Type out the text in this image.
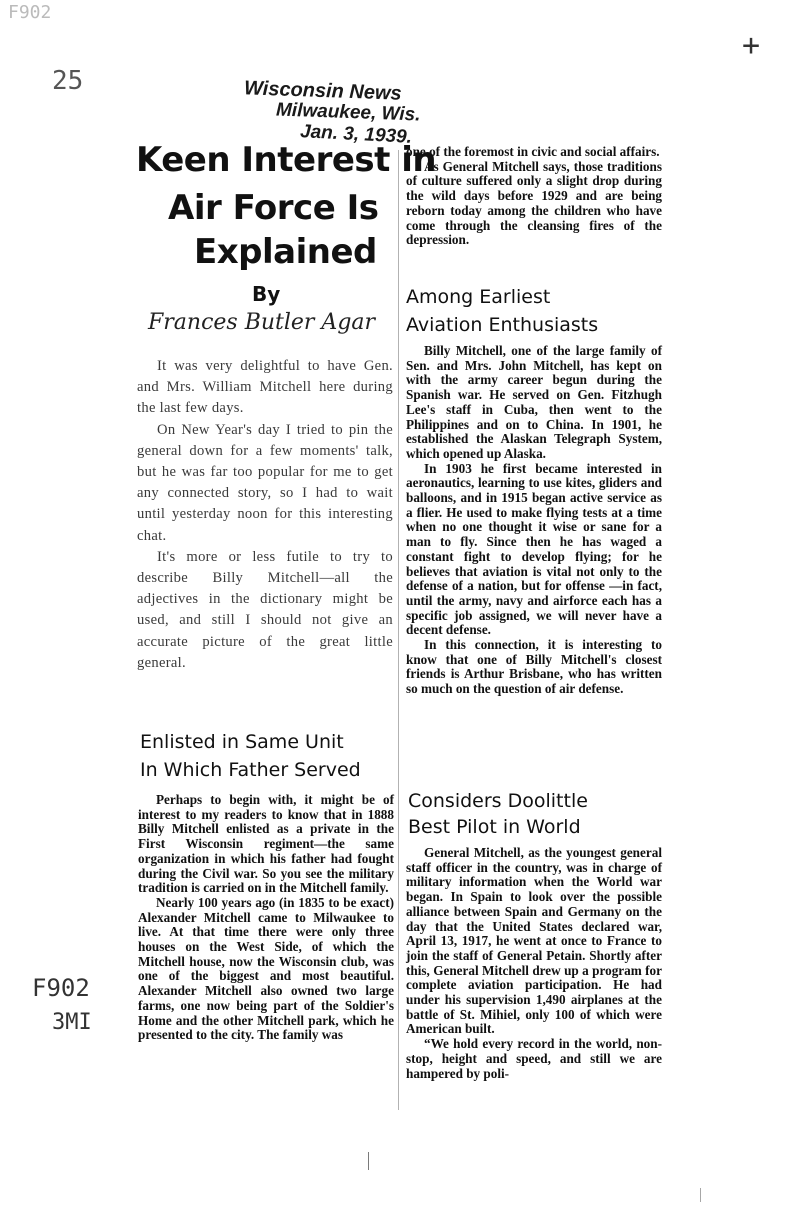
F902
25
+
F902
3MI
Wisconsin News
Milwaukee, Wis.
Jan. 3, 1939.
Keen Interest in
Air Force Is
Explained
By
Frances Butler Agar

It was very delightful to have Gen. and Mrs. William Mitchell here during the last few days.

On New Year's day I tried to pin the general down for a few moments' talk, but he was far too popular for me to get any connected story, so I had to wait until yesterday noon for this interesting chat.

It's more or less futile to try to describe Billy Mitchell—all the adjectives in the dictionary might be used, and still I should not give an accurate picture of the great little general.

Enlisted in Same Unit
In Which Father Served

Perhaps to begin with, it might be of interest to my readers to know that in 1888 Billy Mitchell enlisted as a private in the First Wisconsin regiment—the same organization in which his father had fought during the Civil war. So you see the military tradition is carried on in the Mitchell family.

Nearly 100 years ago (in 1835 to be exact) Alexander Mitchell came to Milwaukee to live. At that time there were only three houses on the West Side, of which the Mitchell house, now the Wisconsin club, was one of the biggest and most beautiful. Alexander Mitchell also owned two large farms, one now being part of the Soldier's Home and the other Mitchell park, which he presented to the city. The family was

one of the foremost in civic and social affairs.

As General Mitchell says, those traditions of culture suffered only a slight drop during the wild days before 1929 and are being reborn today among the children who have come through the cleansing fires of the depression.

Among Earliest
Aviation Enthusiasts

Billy Mitchell, one of the large family of Sen. and Mrs. John Mitchell, has kept on with the army career begun during the Spanish war. He served on Gen. Fitzhugh Lee's staff in Cuba, then went to the Philippines and on to China. In 1901, he established the Alaskan Telegraph System, which opened up Alaska.

In 1903 he first became interested in aeronautics, learning to use kites, gliders and balloons, and in 1915 began active service as a flier. He used to make flying tests at a time when no one thought it wise or sane for a man to fly. Since then he has waged a constant fight to develop flying; for he believes that aviation is vital not only to the defense of a nation, but for offense —in fact, until the army, navy and airforce each has a specific job assigned, we will never have a decent defense.

In this connection, it is interesting to know that one of Billy Mitchell's closest friends is Arthur Brisbane, who has written so much on the question of air defense.

Considers Doolittle
Best Pilot in World

General Mitchell, as the youngest general staff officer in the country, was in charge of military information when the World war began. In Spain to look over the possible alliance between Spain and Germany on the day that the United States declared war, April 13, 1917, he went at once to France to join the staff of General Petain. Shortly after this, General Mitchell drew up a program for complete aviation participation. He had under his supervision 1,490 airplanes at the battle of St. Mihiel, only 100 of which were American built.

“We hold every record in the world, non-stop, height and speed, and still we are hampered by poli-
